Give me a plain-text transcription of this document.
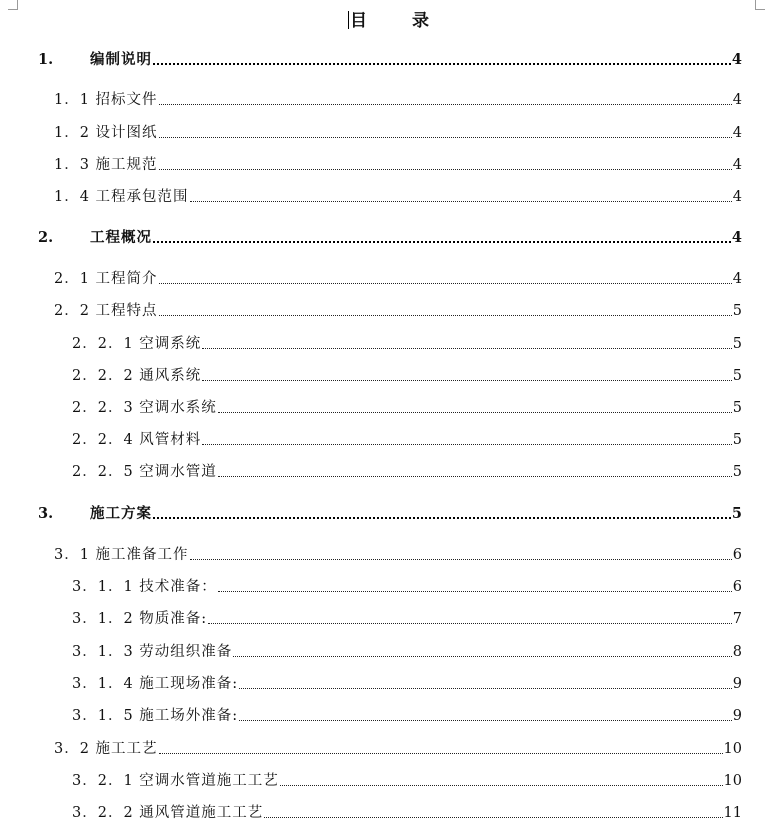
目	录
1.	编制说明	4
1．1 招标文件	4
1．2 设计图纸	4
1．3 施工规范	4
1．4 工程承包范围	4
2.	工程概况	4
2．1 工程简介	4
2．2 工程特点	5
2．2．1 空调系统	5
2．2．2 通风系统	5
2．2．3 空调水系统	5
2．2．4 风管材料	5
2．2．5 空调水管道	5
3.	施工方案	5
3．1 施工准备工作	6
3．1．1 技术准备：	6
3．1．2 物质准备:	7
3．1．3 劳动组织准备	8
3．1．4 施工现场准备:	9
3．1．5 施工场外准备:	9
3．2 施工工艺	10
3．2．1 空调水管道施工工艺	10
3．2．2 通风管道施工工艺	11
